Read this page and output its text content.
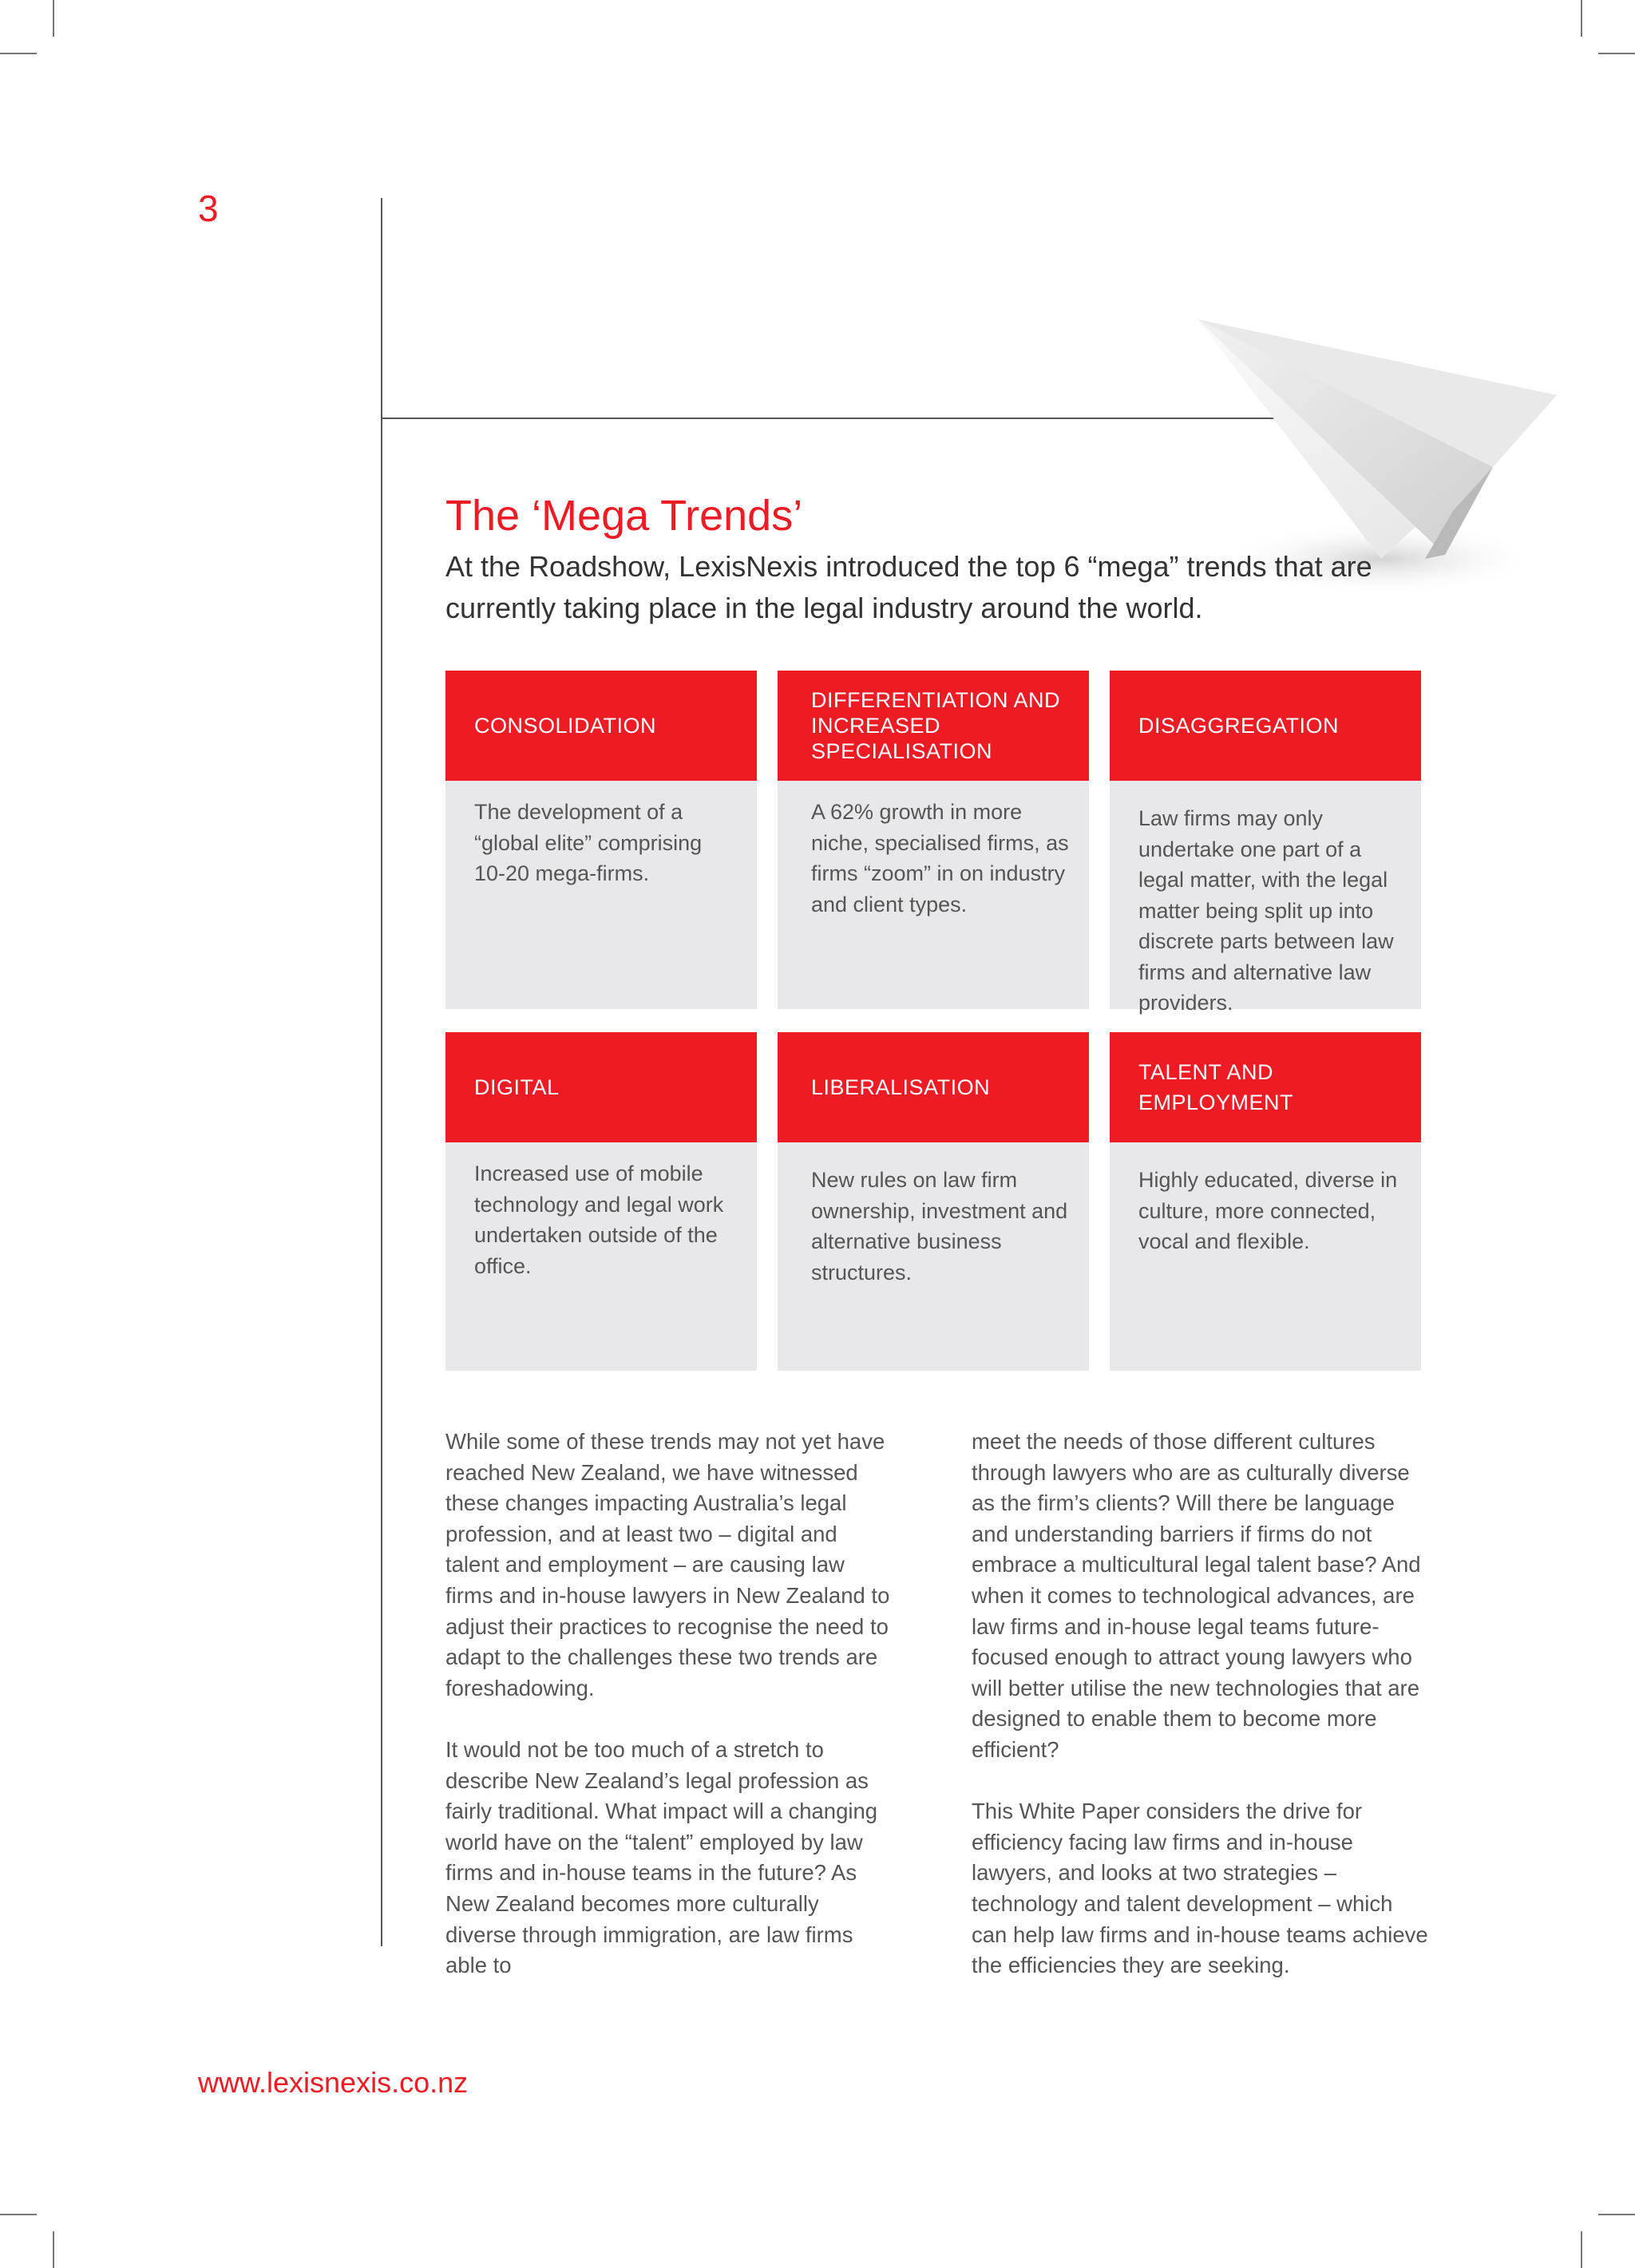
3
The ‘Mega Trends’
At the Roadshow, LexisNexis introduced the top 6 “mega” trends that are currently taking place in the legal industry around the world.
CONSOLIDATION
The development of a “global elite” comprising 10-20 mega-firms.
DIFFERENTIATION AND INCREASED SPECIALISATION
A 62% growth in more niche, specialised firms, as firms “zoom” in on industry and client types.
DISAGGREGATION
Law firms may only undertake one part of a legal matter, with the legal matter being split up into discrete parts between law firms and alternative law providers.
DIGITAL
Increased use of mobile technology and legal work undertaken outside of the office.
LIBERALISATION
New rules on law firm ownership, investment and alternative business structures.
TALENT AND EMPLOYMENT
Highly educated, diverse in culture, more connected, vocal and flexible.

While some of these trends may not yet have reached New Zealand, we have witnessed these changes impacting Australia’s legal profession, and at least two – digital and talent and employment – are causing law firms and in-house lawyers in New Zealand to adjust their practices to recognise the need to adapt to the challenges these two trends are foreshadowing.

It would not be too much of a stretch to describe New Zealand’s legal profession as fairly traditional. What impact will a changing world have on the “talent” employed by law firms and in-house teams in the future? As New Zealand becomes more culturally diverse through immigration, are law firms able to

meet the needs of those different cultures through lawyers who are as culturally diverse as the firm’s clients? Will there be language and understanding barriers if firms do not embrace a multicultural legal talent base? And when it comes to technological advances, are law firms and in-house legal teams future-focused enough to attract young lawyers who will better utilise the new technologies that are designed to enable them to become more efficient?

This White Paper considers the drive for efficiency facing law firms and in-house lawyers, and looks at two strategies – technology and talent development – which can help law firms and in-house teams achieve the efficiencies they are seeking.

www.lexisnexis.co.nz
